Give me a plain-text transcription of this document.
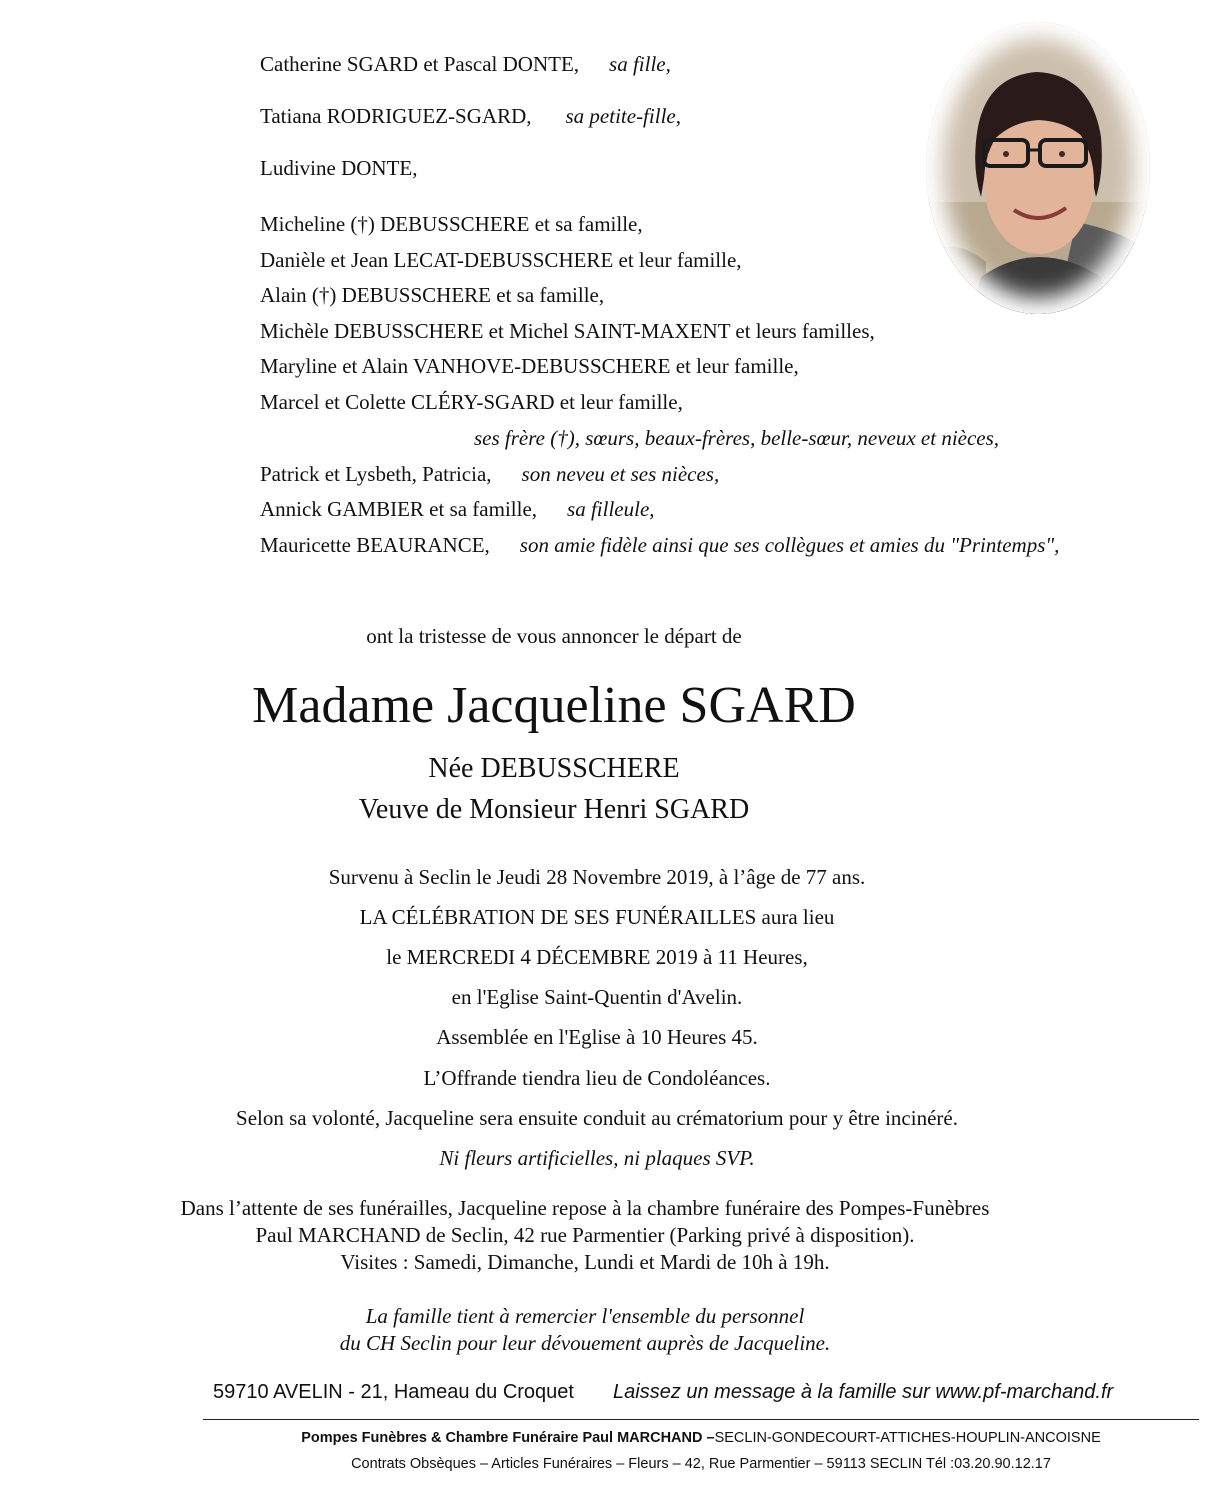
Catherine SGARD et Pascal DONTE, sa fille,
Tatiana RODRIGUEZ-SGARD, sa petite-fille,
Ludivine DONTE,
Micheline (†) DEBUSSCHERE et sa famille,
Danièle et Jean LECAT-DEBUSSCHERE et leur famille,
Alain (†) DEBUSSCHERE et sa famille,
Michèle DEBUSSCHERE et Michel SAINT-MAXENT et leurs familles,
Maryline et Alain VANHOVE-DEBUSSCHERE et leur famille,
Marcel et Colette CLÉRY-SGARD et leur famille,
ses frère (†), sœurs, beaux-frères, belle-sœur, neveux et nièces,
Patrick et Lysbeth, Patricia, son neveu et ses nièces,
Annick GAMBIER et sa famille, sa filleule,
Mauricette BEAURANCE, son amie fidèle ainsi que ses collègues et amies du "Printemps",
ont la tristesse de vous annoncer le départ de
Madame Jacqueline SGARD
Née DEBUSSCHERE
Veuve de Monsieur Henri SGARD
Survenu à Seclin le Jeudi 28 Novembre 2019, à l’âge de 77 ans.
LA CÉLÉBRATION DE SES FUNÉRAILLES aura lieu
le MERCREDI 4 DÉCEMBRE 2019 à 11 Heures,
en l'Eglise Saint-Quentin d'Avelin.
Assemblée en l'Eglise à 10 Heures 45.
L’Offrande tiendra lieu de Condoléances.
Selon sa volonté, Jacqueline sera ensuite conduit au crématorium pour y être incinéré.
Ni fleurs artificielles, ni plaques SVP.
Dans l’attente de ses funérailles, Jacqueline repose à la chambre funéraire des Pompes-Funèbres
Paul MARCHAND de Seclin, 42 rue Parmentier (Parking privé à disposition).
Visites : Samedi, Dimanche, Lundi et Mardi de 10h à 19h.
La famille tient à remercier l'ensemble du personnel
du CH Seclin pour leur dévouement auprès de Jacqueline.
59710 AVELIN - 21, Hameau du Croquet Laissez un message à la famille sur www.pf-marchand.fr
Pompes Funèbres & Chambre Funéraire Paul MARCHAND –SECLIN-GONDECOURT-ATTICHES-HOUPLIN-ANCOISNE
Contrats Obsèques – Articles Funéraires – Fleurs – 42, Rue Parmentier – 59113 SECLIN Tél :03.20.90.12.17
